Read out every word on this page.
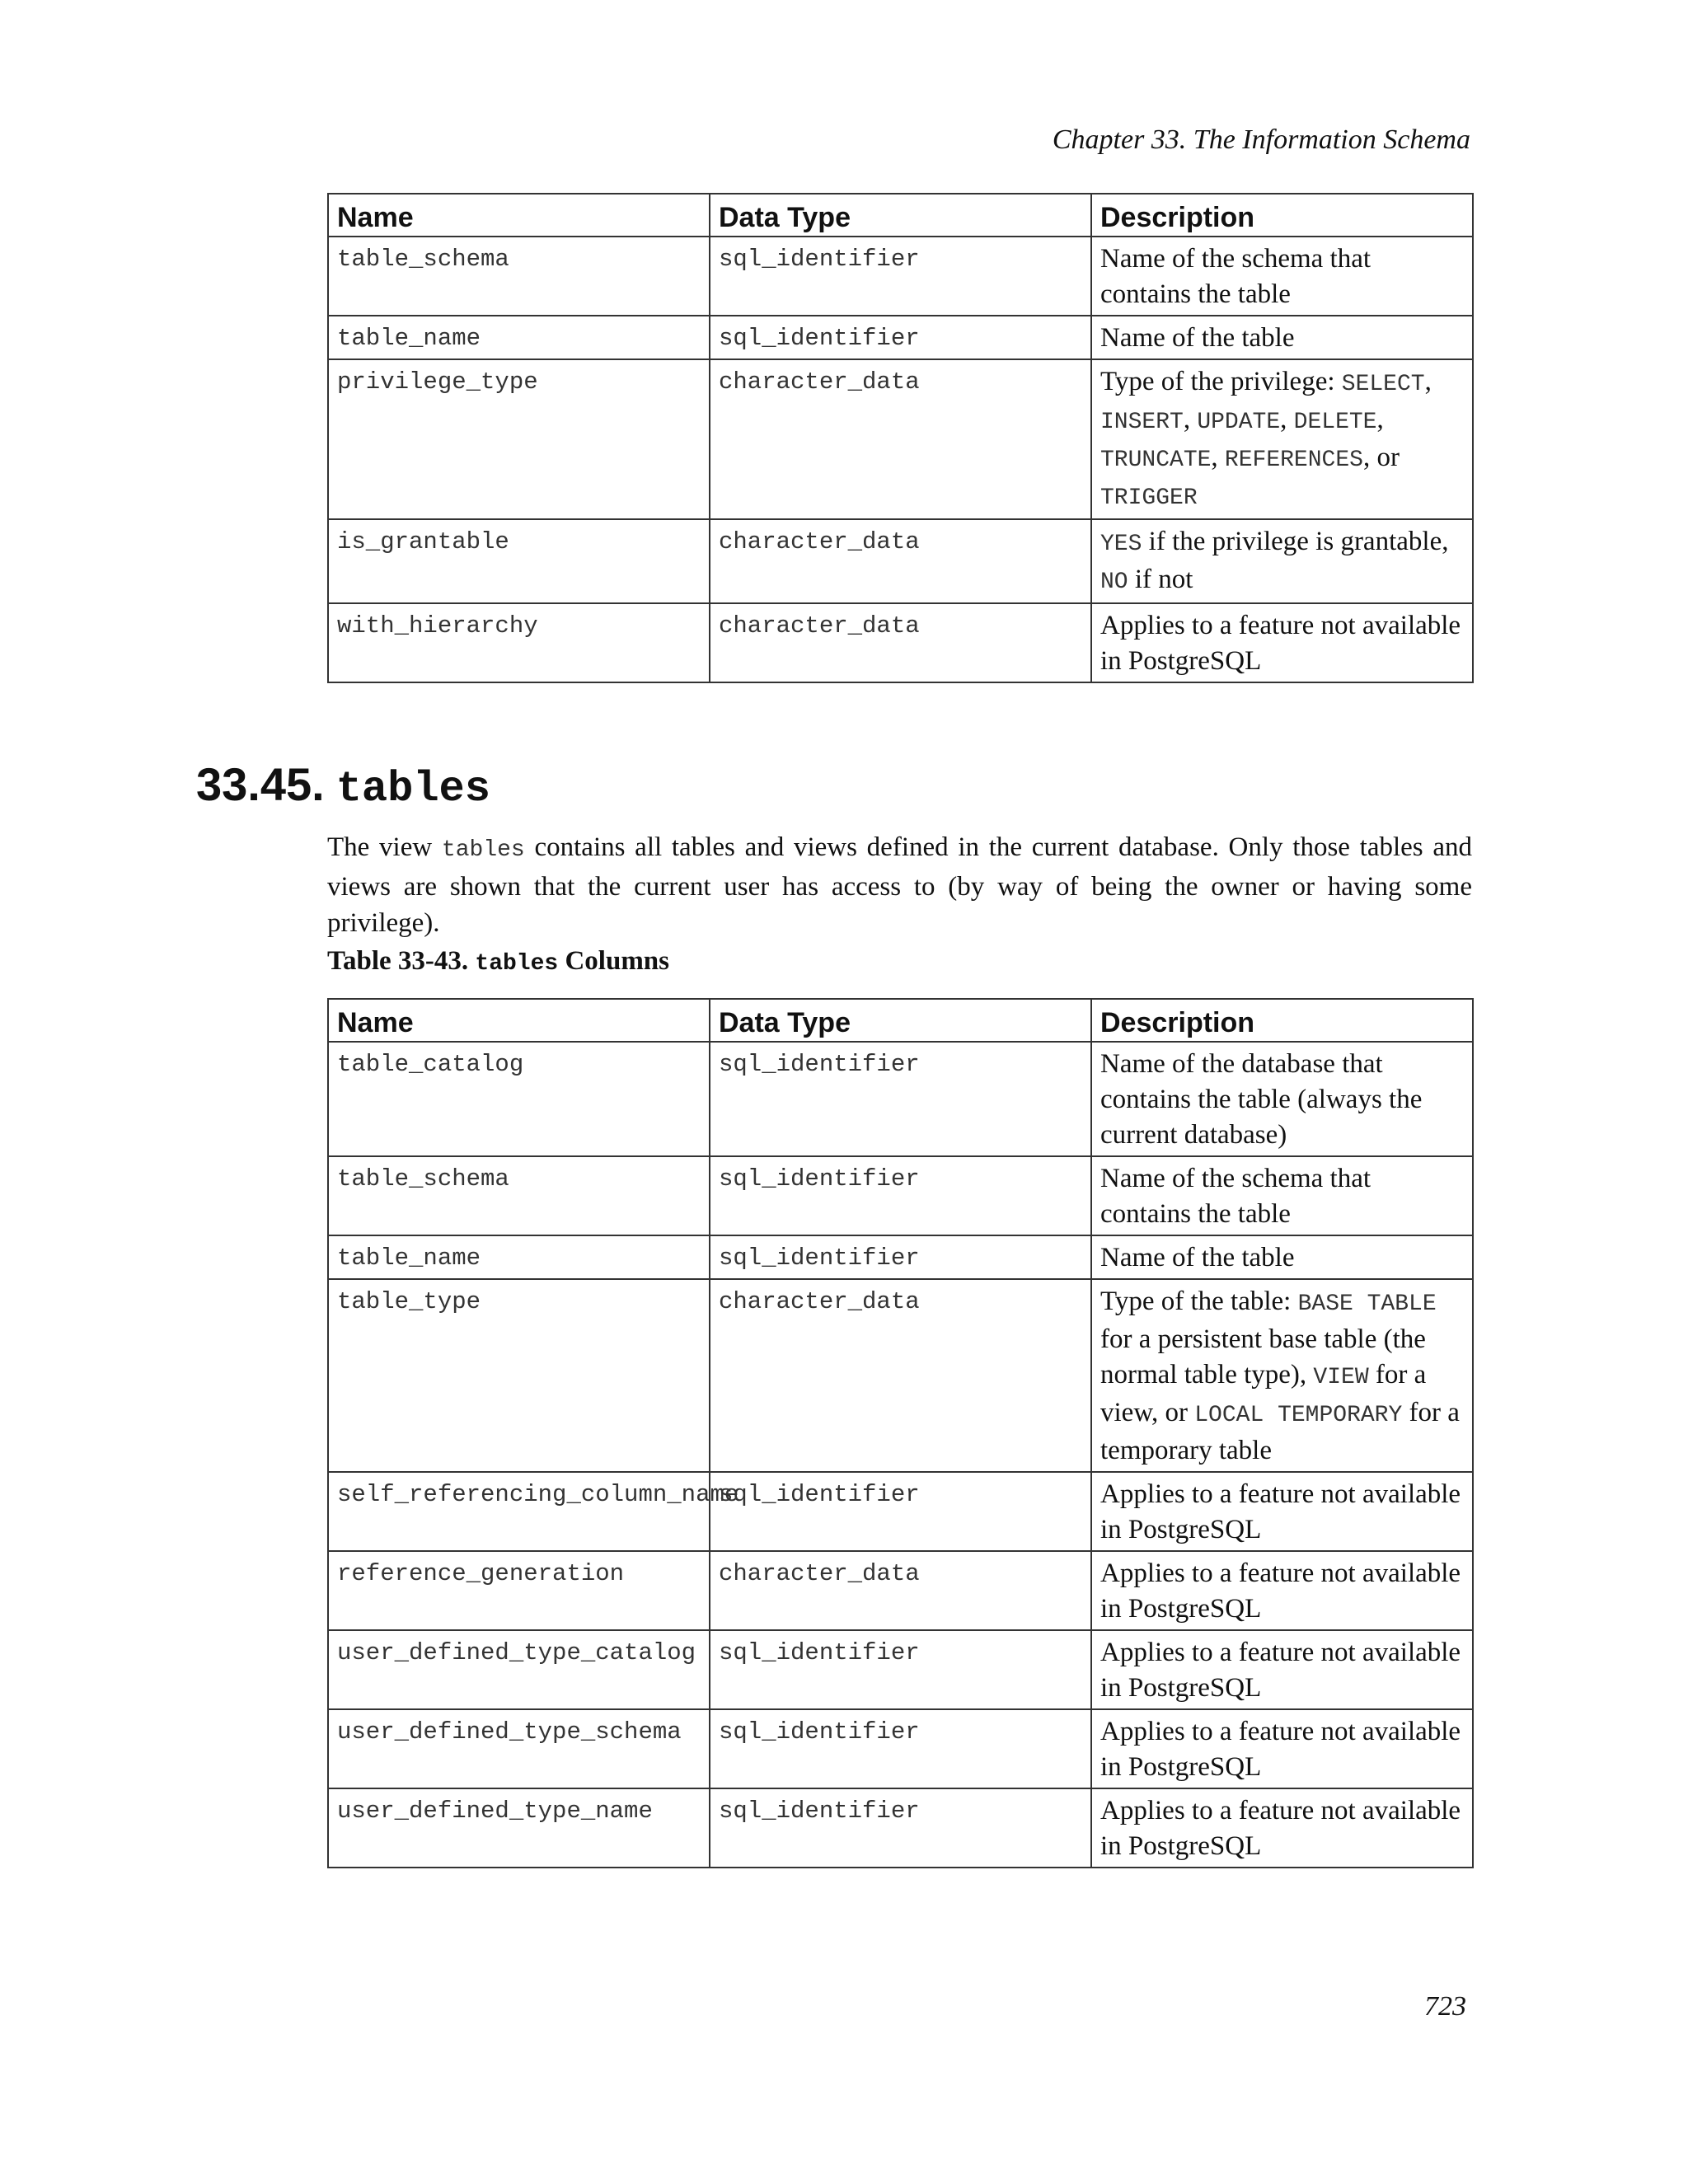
Chapter 33. The Information Schema
Name	Data Type	Description
table_schema	sql_identifier	Name of the schema that contains the table
table_name	sql_identifier	Name of the table
privilege_type	character_data	Type of the privilege: SELECT, INSERT, UPDATE, DELETE, TRUNCATE, REFERENCES, or TRIGGER
is_grantable	character_data	YES if the privilege is grantable, NO if not
with_hierarchy	character_data	Applies to a feature not available in PostgreSQL
33.45. tables

The view tables contains all tables and views defined in the current database. Only those tables and views are shown that the current user has access to (by way of being the owner or having some privilege).

Table 33-43. tables Columns

Name	Data Type	Description
table_catalog	sql_identifier	Name of the database that contains the table (always the current database)
table_schema	sql_identifier	Name of the schema that contains the table
table_name	sql_identifier	Name of the table
table_type	character_data	Type of the table: BASE TABLE for a persistent base table (the normal table type), VIEW for a view, or LOCAL TEMPORARY for a temporary table
self_referencing_column_name	sql_identifier	Applies to a feature not available in PostgreSQL
reference_generation	character_data	Applies to a feature not available in PostgreSQL
user_defined_type_catalog	sql_identifier	Applies to a feature not available in PostgreSQL
user_defined_type_schema	sql_identifier	Applies to a feature not available in PostgreSQL
user_defined_type_name	sql_identifier	Applies to a feature not available in PostgreSQL
723
